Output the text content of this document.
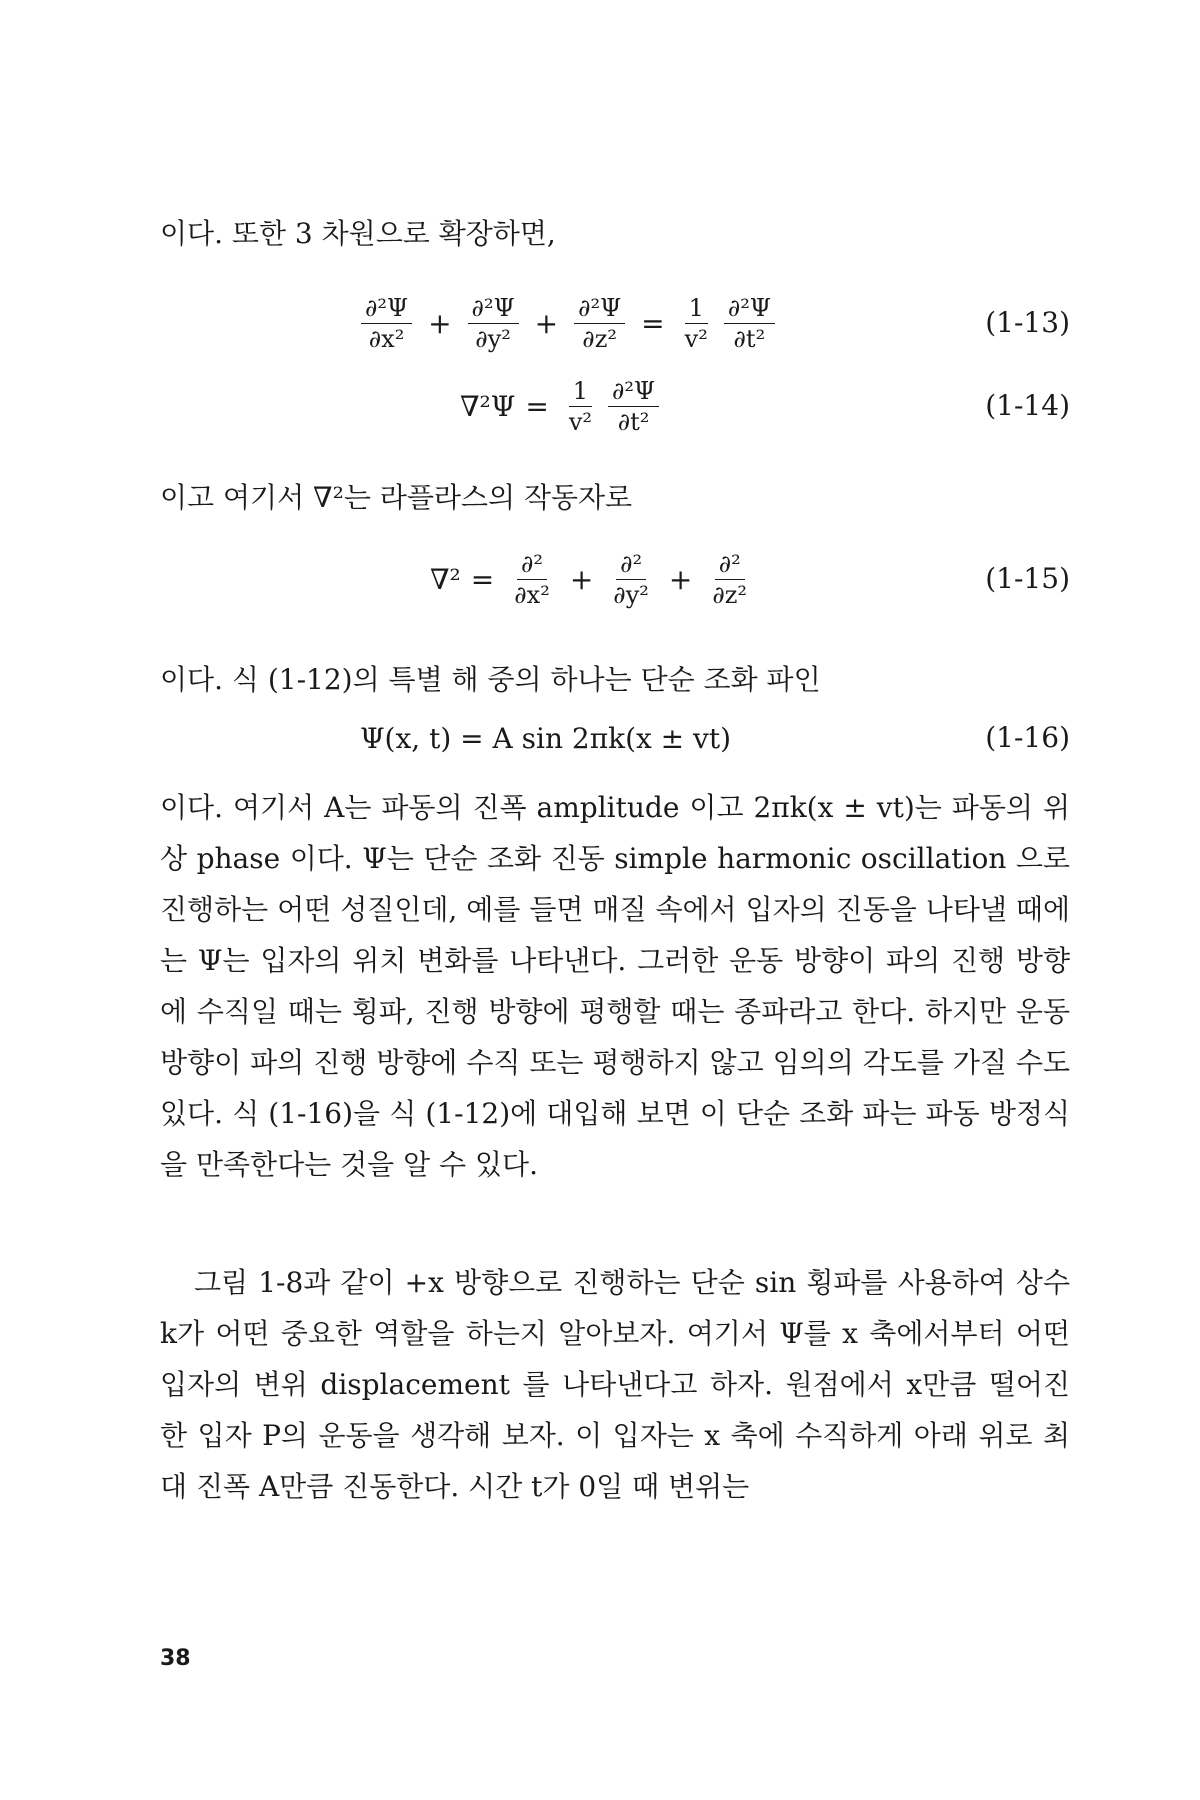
이다. 또한 3 차원으로 확장하면,

$\frac{\text{∂²Ψ}}{\text{∂x²}} + \frac{\text{∂²Ψ}}{\text{∂y²}} + \frac{\text{∂²Ψ}}{\text{∂z²}} = \frac{1}{\text{v²}} \frac{\text{∂²Ψ}}{\text{∂t²}}$	(1-13)
$\nabla^2\Psi = \frac{1}{\text{v²}} \frac{\text{∂²Ψ}}{\text{∂t²}}$	(1-14)

이고 여기서 ∇²는 라플라스의 작동자로

$\nabla^2 = \frac{\text{∂²}}{\text{∂x²}} + \frac{\text{∂²}}{\text{∂y²}} + \frac{\text{∂²}}{\text{∂z²}}$	(1-15)

이다. 식 (1-12)의 특별 해 중의 하나는 단순 조화 파인

Ψ(x, t) = A sin 2πk(x ± vt)	(1-16)

이다. 여기서 A는 파동의 진폭 amplitude 이고 2πk(x ± vt)는 파동의 위상 phase 이다. Ψ는 단순 조화 진동 simple harmonic oscillation 으로 진행하는 어떤 성질인데, 예를 들면 매질 속에서 입자의 진동을 나타낼 때에는 Ψ는 입자의 위치 변화를 나타낸다. 그러한 운동 방향이 파의 진행 방향에 수직일 때는 횡파, 진행 방향에 평행할 때는 종파라고 한다. 하지만 운동 방향이 파의 진행 방향에 수직 또는 평행하지 않고 임의의 각도를 가질 수도 있다. 식 (1-16)을 식 (1-12)에 대입해 보면 이 단순 조화 파는 파동 방정식을 만족한다는 것을 알 수 있다.

그림 1-8과 같이 +x 방향으로 진행하는 단순 sin 횡파를 사용하여 상수 k가 어떤 중요한 역할을 하는지 알아보자. 여기서 Ψ를 x 축에서부터 어떤 입자의 변위 displacement 를 나타낸다고 하자. 원점에서 x만큼 떨어진 한 입자 P의 운동을 생각해 보자. 이 입자는 x 축에 수직하게 아래 위로 최대 진폭 A만큼 진동한다. 시간 t가 0일 때 변위는

38
